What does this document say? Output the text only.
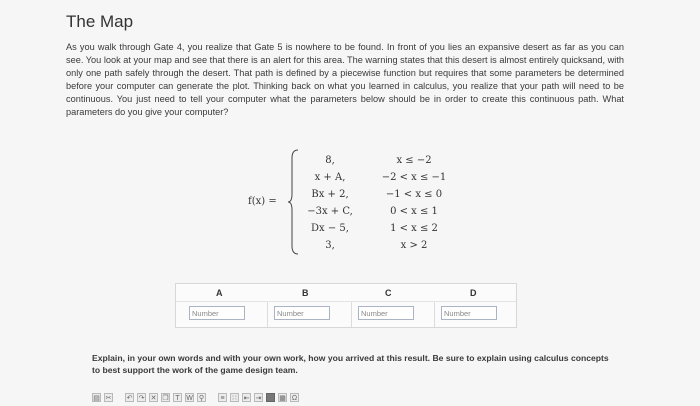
The Map
As you walk through Gate 4, you realize that Gate 5 is nowhere to be found. In front of you lies an expansive desert as far as you can see. You look at your map and see that there is an alert for this area. The warning states that this desert is almost entirely quicksand, with only one path safely through the desert. That path is defined by a piecewise function but requires that some parameters be determined before your computer can generate the plot. Thinking back on what you learned in calculus, you realize that your path will need to be continuous. You just need to tell your computer what the parameters below should be in order to create this continuous path. What parameters do you give your computer?
f(x) =
8,	x ≤ −2
x + A,	−2 < x ≤ −1
Bx + 2,	−1 < x ≤ 0
−3x + C,	0 < x ≤ 1
Dx − 5,	1 < x ≤ 2
3,	x > 2
A	B	C	D
Number	Number	Number	Number
Explain, in your own words and with your own work, how you arrived at this result. Be sure to explain using calculus concepts to best support the work of the game design team.
▤ ✂ ↶ ↷ ✕ ❐ T W ⚲	≡	∷ ⇤ ⇥	▦ Ω
